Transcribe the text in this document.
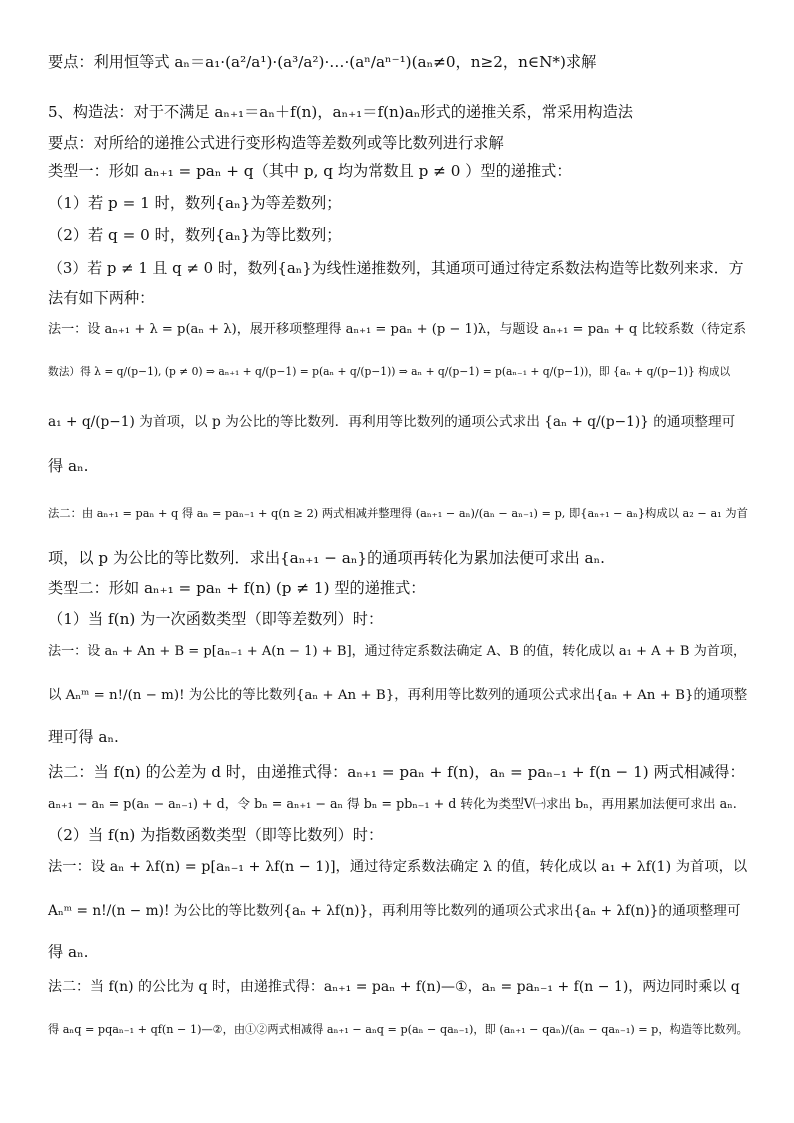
要点：利用恒等式 aₙ＝a₁·(a²/a¹)·(a³/a²)·…·(aⁿ/aⁿ⁻¹)(aₙ≠0，n≥2，n∈N*)求解
5、构造法：对于不满足 aₙ₊₁＝aₙ＋f(n)，aₙ₊₁＝f(n)aₙ形式的递推关系，常采用构造法
要点：对所给的递推公式进行变形构造等差数列或等比数列进行求解
类型一：形如 aₙ₊₁ = paₙ + q（其中 p, q 均为常数且 p ≠ 0 ）型的递推式：
（1）若 p = 1 时，数列{aₙ}为等差数列；
（2）若 q = 0 时，数列{aₙ}为等比数列；
（3）若 p ≠ 1 且 q ≠ 0 时，数列{aₙ}为线性递推数列，其通项可通过待定系数法构造等比数列来求．方
法有如下两种：
法一：设 aₙ₊₁ + λ = p(aₙ + λ)，展开移项整理得 aₙ₊₁ = paₙ + (p − 1)λ，与题设 aₙ₊₁ = paₙ + q 比较系数（待定系
数法）得 λ = q/(p−1), (p ≠ 0) ⇒ aₙ₊₁ + q/(p−1) = p(aₙ + q/(p−1)) ⇒ aₙ + q/(p−1) = p(aₙ₋₁ + q/(p−1))，即 {aₙ + q/(p−1)} 构成以
a₁ + q/(p−1) 为首项，以 p 为公比的等比数列．再利用等比数列的通项公式求出 {aₙ + q/(p−1)} 的通项整理可
得 aₙ.
法二：由 aₙ₊₁ = paₙ + q 得 aₙ = paₙ₋₁ + q(n ≥ 2) 两式相减并整理得 (aₙ₊₁ − aₙ)/(aₙ − aₙ₋₁) = p, 即{aₙ₊₁ − aₙ}构成以 a₂ − a₁ 为首
项，以 p 为公比的等比数列．求出{aₙ₊₁ − aₙ}的通项再转化为累加法便可求出 aₙ.
类型二：形如 aₙ₊₁ = paₙ + f(n) (p ≠ 1) 型的递推式：
（1）当 f(n) 为一次函数类型（即等差数列）时：
法一：设 aₙ + An + B = p[aₙ₋₁ + A(n − 1) + B]，通过待定系数法确定 A、B 的值，转化成以 a₁ + A + B 为首项，
以 Aₙᵐ = n!/(n − m)! 为公比的等比数列{aₙ + An + B}，再利用等比数列的通项公式求出{aₙ + An + B}的通项整
理可得 aₙ.
法二：当 f(n) 的公差为 d 时，由递推式得：aₙ₊₁ = paₙ + f(n)，aₙ = paₙ₋₁ + f(n − 1) 两式相减得：
aₙ₊₁ − aₙ = p(aₙ − aₙ₋₁) + d，令 bₙ = aₙ₊₁ − aₙ 得 bₙ = pbₙ₋₁ + d 转化为类型Ⅴ㈠求出 bₙ，再用累加法便可求出 aₙ.
（2）当 f(n) 为指数函数类型（即等比数列）时：
法一：设 aₙ + λf(n) = p[aₙ₋₁ + λf(n − 1)]，通过待定系数法确定 λ 的值，转化成以 a₁ + λf(1) 为首项，以
Aₙᵐ = n!/(n − m)! 为公比的等比数列{aₙ + λf(n)}，再利用等比数列的通项公式求出{aₙ + λf(n)}的通项整理可
得 aₙ.
法二：当 f(n) 的公比为 q 时，由递推式得：aₙ₊₁ = paₙ + f(n)—①，aₙ = paₙ₋₁ + f(n − 1)，两边同时乘以 q
得 aₙq = pqaₙ₋₁ + qf(n − 1)—②，由①②两式相减得 aₙ₊₁ − aₙq = p(aₙ − qaₙ₋₁)，即 (aₙ₊₁ − qaₙ)/(aₙ − qaₙ₋₁) = p，构造等比数列。
